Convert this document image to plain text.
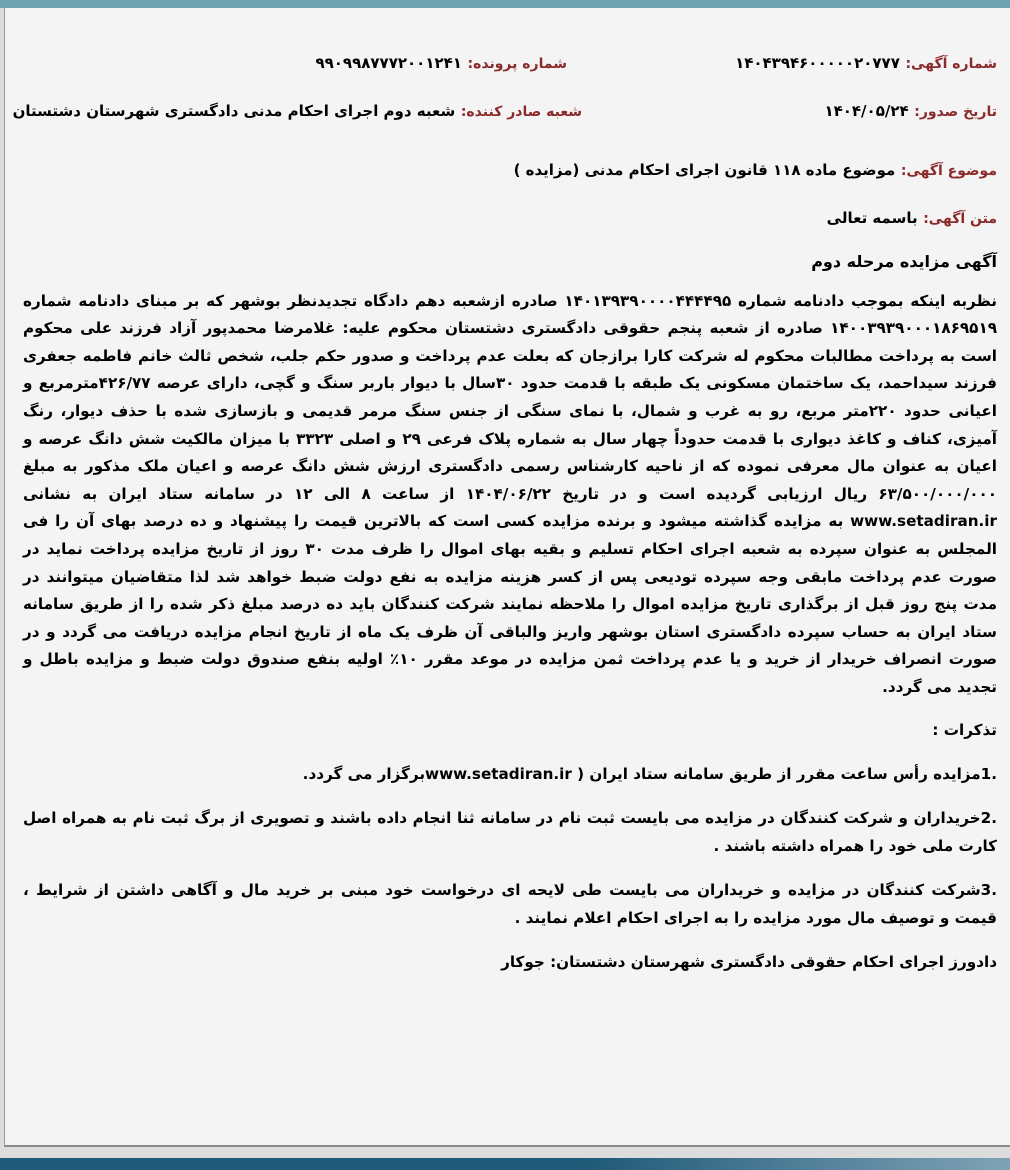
شماره آگهی: ۱۴۰۴۳۹۴۶۰۰۰۰۰۲۰۷۷۷
شماره پرونده: ۹۹۰۹۹۸۷۷۷۲۰۰۱۲۴۱
تاریخ صدور: ۱۴۰۴/۰۵/۲۴
شعبه صادر کننده: شعبه دوم اجرای احکام مدنی دادگستری شهرستان دشتستان
موضوع آگهی: موضوع ماده ۱۱۸ قانون اجرای احکام مدنی (مزایده )
متن آگهی: باسمه تعالی

آگهی مزایده مرحله دوم

نظربه اینکه بموجب دادنامه شماره ۱۴۰۱۳۹۳۹۰۰۰۰۴۴۴۴۹۵ صادره ازشعبه دهم دادگاه تجدیدنظر بوشهر که بر مبنای دادنامه شماره ۱۴۰۰۳۹۳۹۰۰۰۱۸۶۹۵۱۹ صادره از شعبه پنجم حقوقی دادگستری دشتستان محکوم علیه: غلامرضا محمدپور آزاد فرزند علی محکوم است به پرداخت مطالبات محکوم له شرکت کارا برازجان که بعلت عدم پرداخت و صدور حکم جلب، شخص ثالث خانم فاطمه جعفری فرزند سیداحمد، یک ساختمان مسکونی یک طبقه با قدمت حدود ۳۰سال با دیوار باربر سنگ و گچی، دارای عرصه ۴۲۶/۷۷مترمربع و اعیانی حدود ۲۲۰متر مربع، رو به غرب و شمال، با نمای سنگی از جنس سنگ مرمر قدیمی و بازسازی شده با حذف دیوار، رنگ آمیزی، کناف و کاغذ دیواری با قدمت حدوداً چهار سال به شماره پلاک فرعی ۲۹ و اصلی ۳۳۲۳ با میزان مالکیت شش دانگ عرصه و اعیان به عنوان مال معرفی نموده که از ناحیه کارشناس رسمی دادگستری ارزش شش دانگ عرصه و اعیان ملک مذکور به مبلغ ۶۳/۵۰۰/۰۰۰/۰۰۰ ریال ارزیابی گردیده است و در تاریخ ۱۴۰۴/۰۶/۲۲ از ساعت ۸ الی ۱۲ در سامانه ستاد ایران به نشانی www.setadiran.ir به مزایده گذاشته میشود و برنده مزایده کسی است که بالاترین قیمت را پیشنهاد و ده درصد بهای آن را فی المجلس به عنوان سپرده به شعبه اجرای احکام تسلیم و بقیه بهای اموال را ظرف مدت ۳۰ روز از تاریخ مزایده پرداخت نماید در صورت عدم پرداخت مابقی وجه سپرده تودیعی پس از کسر هزینه مزایده به نفع دولت ضبط خواهد شد لذا متقاضیان میتوانند در مدت پنج روز قبل از برگذاری تاریخ مزایده اموال را ملاحظه نمایند شرکت کنندگان باید ده درصد مبلغ ذکر شده را از طریق سامانه ستاد ایران به حساب سپرده دادگستری استان بوشهر واریز والباقی آن ظرف یک ماه از تاریخ انجام مزایده دریافت می گردد و در صورت انصراف خریدار از خرید و یا عدم پرداخت ثمن مزایده در موعد مقرر ۱۰٪ اولیه بنفع صندوق دولت ضبط و مزایده باطل و تجدید می گردد.

تذکرات :

.1مزایده رأس ساعت مقرر از طریق سامانه ستاد ایران ( www.setadiran.irبرگزار می گردد.

.2خریداران و شرکت کنندگان در مزایده می بایست ثبت نام در سامانه ثنا انجام داده باشند و تصویری از برگ ثبت نام به همراه اصل کارت ملی خود را همراه داشته باشند .

.3شرکت کنندگان در مزایده و خریداران می بایست طی لایحه ای درخواست خود مبنی بر خرید مال و آگاهی داشتن از شرایط ، قیمت و توصیف مال مورد مزایده را به اجرای احکام اعلام نمایند .

دادورز اجرای احکام حقوقی دادگستری شهرستان دشتستان: جوکار
